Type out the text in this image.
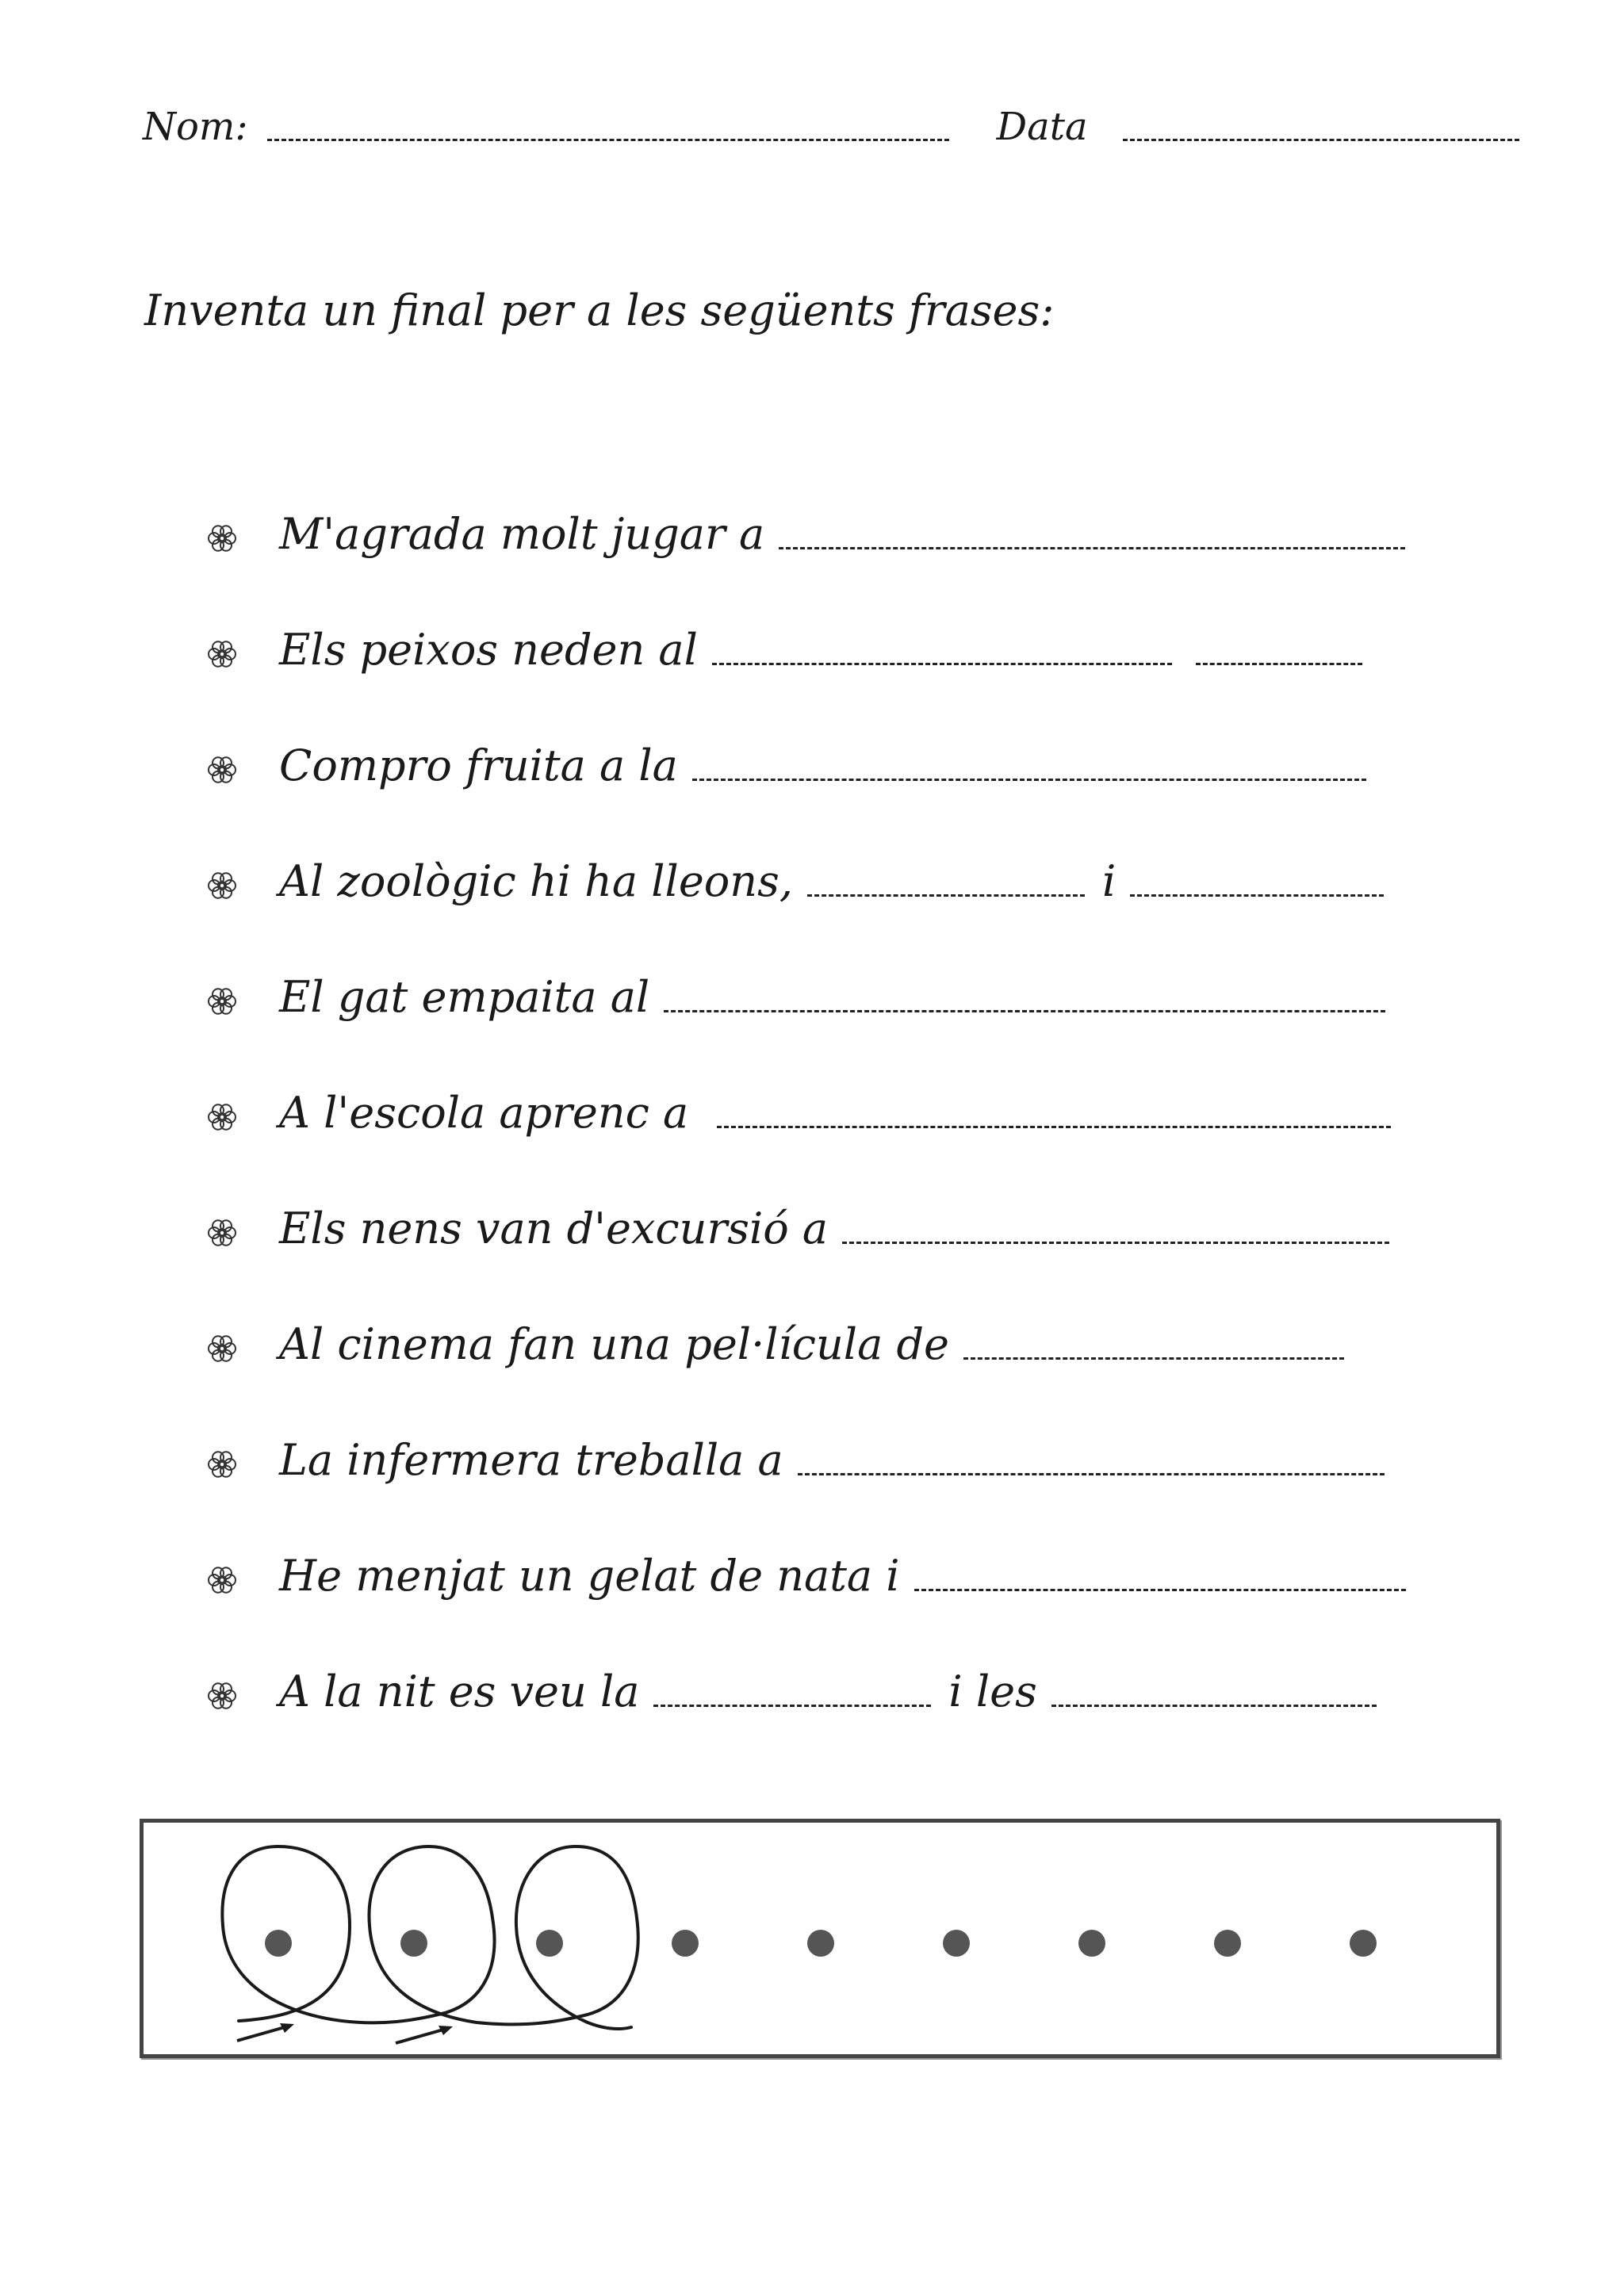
Nom:	Data
Inventa un final per a les següents frases:
M'agrada molt jugar a
Els peixos neden al
Compro fruita a la
Al zoològic hi ha lleons,	i
El gat empaita al
A l'escola aprenc a
Els nens van d'excursió a
Al cinema fan una pel·lícula de
La infermera treballa a
He menjat un gelat de nata i
A la nit es veu la	i les
